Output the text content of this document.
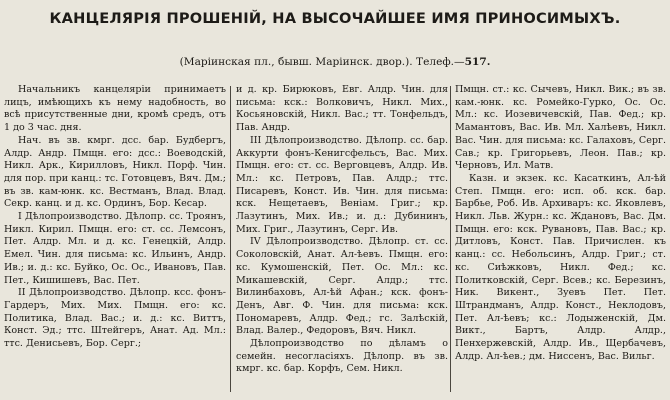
КАНЦЕЛЯРІЯ ПРОШЕНІЙ, НА ВЫСОЧАЙШЕЕ ИМЯ ПРИНОСИМЫХЪ.
(Маріинская пл., бывш. Маріинск. двор.). Телеф.—517.

Начальникъ канцеляріи принимаетъ лицъ, имѣющихъ къ нему надобность, во всѣ присутственные дни, кромѣ средъ, отъ 1 до 3 час. дня.

Нач. въ зв. кмрг. дсс. бар. Будбергъ, Алдр. Андр. Пмщн. его: дсс.: Воеводскій, Никл. Арк., Кирилловъ, Никл. Порф. Чин. для пор. при канц.: тс. Готовцевъ, Вяч. Дм.; въ зв. кам-юнк. кс. Вестманъ, Влад. Влад. Секр. канц. и д. кс. Ординъ, Бор. Кесар.

I Дѣлопроизводство. Дѣлопр. сс. Троянъ, Никл. Кирил. Пмщн. его: ст. сс. Лемсонъ, Пет. Алдр. Мл. и д. кс. Генецкій, Алдр. Емел. Чин. для письма: кс. Ильинъ, Андр. Ив.; и. д.: кс. Буйко, Ос. Ос., Ивановъ, Пав. Пет., Кишишевъ, Вас. Пет.

II Дѣлопроизводство. Дѣлопр. ксс. фонъ-Гардеръ, Мих. Мих. Пмщн. его: кс. Политика, Влад. Вас.; и. д.: кс. Виттъ, Конст. Эд.; ттс. Штейгеръ, Анат. Ад. Мл.: ттс. Денисьевъ, Бор. Серг.;

и д. кр. Бирюковъ, Евг. Алдр. Чин. для письма: кск.: Волковичъ, Никл. Мих., Косьяновскій, Никл. Вас.; тт. Тонфельдъ, Пав. Андр.

III Дѣлопроизводство. Дѣлопр. сс. бар. Аккурти фонъ-Кенигсфельсъ, Вас. Мих. Пмщн. его: ст. сс. Верговцевъ, Алдр. Ив. Мл.: кс. Петровъ, Пав. Алдр.; ттс. Писаревъ, Конст. Ив. Чин. для письма: кск. Нещетаевъ, Веніам. Григ.; кр. Лазутинъ, Мих. Ив.; и. д.: Дубининъ, Мих. Григ., Лазутинъ, Серг. Ив.

IV Дѣлопроизводство. Дѣлопр. ст. сс. Соколовскій, Анат. Ал-ѣевъ. Пмщн. его: кс. Кумошенскій, Пет. Ос. Мл.: кс. Микашевскій, Серг. Алдр.; ттс. Вилинбаховъ, Ал-ѣй Афан.; кск. фонъ-Денъ, Авг. Ф. Чин. для письма: кск. Пономаревъ, Алдр. Фед.; гс. Залѣскій, Влад. Валер., Федоровъ, Вяч. Никл.

Дѣлопроизводство по дѣламъ о семейн. несогласіяхъ. Дѣлопр. въ зв. кмрг. кс. бар. Корфъ, Сем. Никл.

Пмщн. ст.: кс. Сычевъ, Никл. Вик.; въ зв. кам.-юнк. кс. Ромейко-Гурко, Ос. Ос. Мл.: кс. Иозевичевскій, Пав. Фед.; кр. Мамантовъ, Вас. Ив. Мл. Халѣевъ, Никл. Вас. Чин. для письма: кс. Галаховъ, Серг. Сав.; кр. Григорьевъ, Леон. Пав.; кр. Черновъ, Ил. Матв.

Казн. и экзек. кс. Касаткинъ, Ал-ѣй Степ. Пмщн. его: исп. об. кск. бар. Барбье, Роб. Ив. Архиваръ: кс. Яковлевъ, Никл. Льв. Журн.: кс. Ждановъ, Вас. Дм. Пмщн. его: кск. Рувановъ, Пав. Вас.; кр. Дитловъ, Конст. Пав. Причислен. къ канц.: сс. Небольсинъ, Алдр. Григ.; ст. кс. Сиѣжковъ, Никл. Фед.; кс. Политковскій, Серг. Всев.; кс. Березинъ, Ник. Викент., Зуевъ Пет. Пет. Штрандманъ, Алдр. Конст., Неклодовъ, Пет. Ал-ѣевъ; кс.: Лодыженскій, Дм. Викт., Бартъ, Алдр. Алдр., Пенхержевскій, Алдр. Ив., Щербачевъ, Алдр. Ал-ѣев.; дм. Ниссенъ, Вас. Вильг.
